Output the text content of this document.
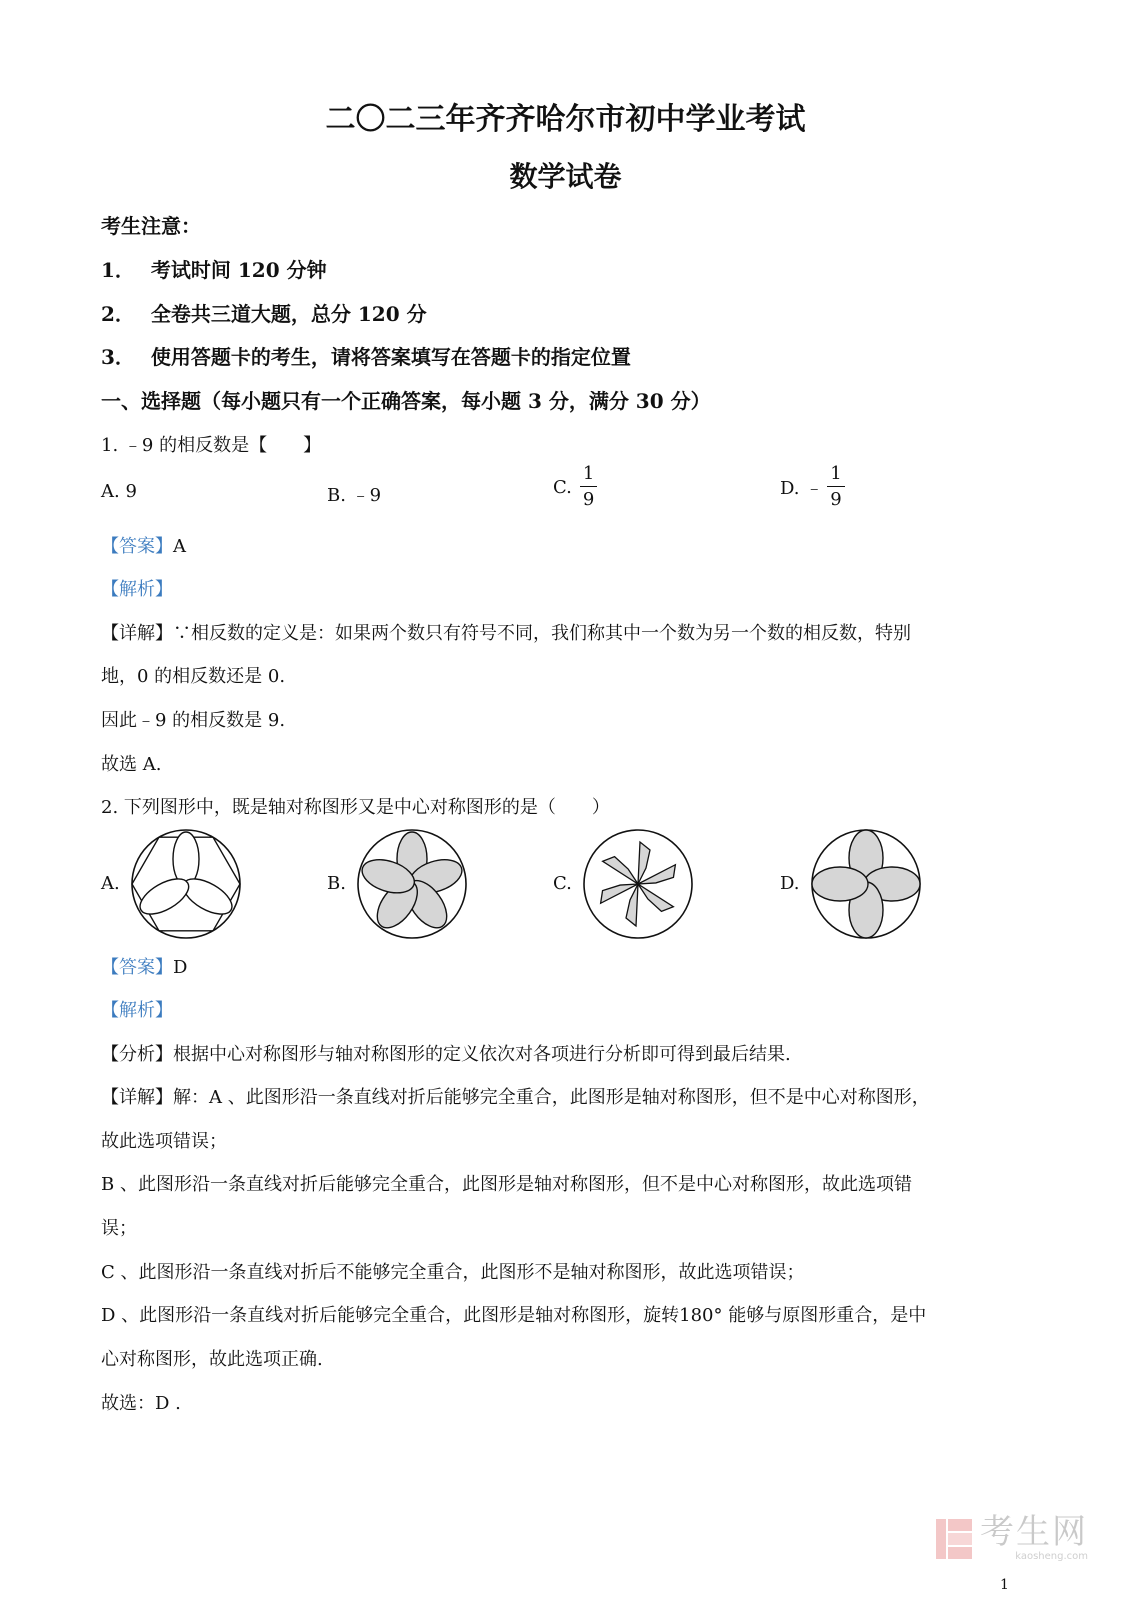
二〇二三年齐齐哈尔市初中学业考试
数学试卷
考生注意：
1． 考试时间 120 分钟
2． 全卷共三道大题，总分 120 分
3． 使用答题卡的考生，请将答案填写在答题卡的指定位置
一、选择题（每小题只有一个正确答案，每小题 3 分，满分 30 分）
1. ﹣9 的相反数是【　　】
A. 9	B. ﹣9	C. $\frac{1}{9}$	D. ﹣ $\frac{1}{9}$
【答案】A
【解析】
【详解】∵相反数的定义是：如果两个数只有符号不同，我们称其中一个数为另一个数的相反数，特别
地，0 的相反数还是 0.
因此﹣9 的相反数是 9.
故选 A.
2. 下列图形中，既是轴对称图形又是中心对称图形的是（　　）
A.	B.	C.	D.
【答案】D
【解析】
【分析】根据中心对称图形与轴对称图形的定义依次对各项进行分析即可得到最后结果.
【详解】解：A 、此图形沿一条直线对折后能够完全重合，此图形是轴对称图形，但不是中心对称图形，
故此选项错误；
B 、此图形沿一条直线对折后能够完全重合，此图形是轴对称图形，但不是中心对称图形，故此选项错
误；
C 、此图形沿一条直线对折后不能够完全重合，此图形不是轴对称图形，故此选项错误；
D 、此图形沿一条直线对折后能够完全重合，此图形是轴对称图形，旋转180° 能够与原图形重合，是中
心对称图形，故此选项正确.
故选：D .
考生网
kaosheng.com
1
